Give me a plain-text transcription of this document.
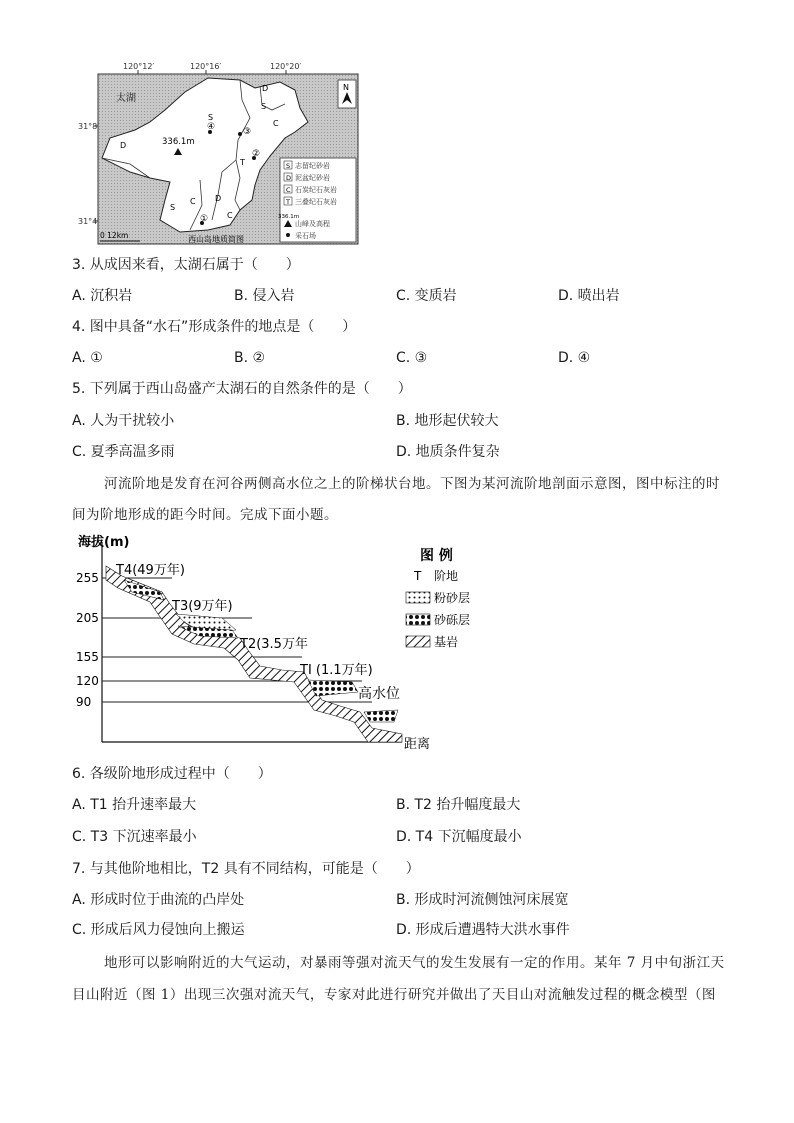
120°12′	120°16′	120°20′
31°8′
31°4′
太湖
S
D
S
C
D
T
C D
S
C
336.1m
④	③
②
①
N
S 志留纪砂岩
D 泥盆纪砂岩
C 石炭纪石灰岩
T 三叠纪石灰岩
336.1m
山峰及高程
采石场
0 12km	西山岛地质简图
3. 从成因来看，太湖石属于（　　）
A. 沉积岩	B. 侵入岩	C. 变质岩	D. 喷出岩
4. 图中具备“水石”形成条件的地点是（　　）
A. ①	B. ②	C. ③	D. ④
5. 下列属于西山岛盛产太湖石的自然条件的是（　　）
A. 人为干扰较小	B. 地形起伏较大
C. 夏季高温多雨	D. 地质条件复杂
河流阶地是发育在河谷两侧高水位之上的阶梯状台地。下图为某河流阶地剖面示意图，图中标注的时
间为阶地形成的距今时间。完成下面小题。
海拔(m)
距离
255
205
155
120
90
T4(49万年)
T3(9万年)
T2(3.5万年
TI (1.1万年)
高水位
图 例
T 阶地
粉砂层
砂砾层
基岩
6. 各级阶地形成过程中（　　）
A. T1 抬升速率最大	B. T2 抬升幅度最大
C. T3 下沉速率最小	D. T4 下沉幅度最小
7. 与其他阶地相比，T2 具有不同结构，可能是（　　）
A. 形成时位于曲流的凸岸处	B. 形成时河流侧蚀河床展宽
C. 形成后风力侵蚀向上搬运	D. 形成后遭遇特大洪水事件
地形可以影响附近的大气运动，对暴雨等强对流天气的发生发展有一定的作用。某年 7 月中旬浙江天
目山附近（图 1）出现三次强对流天气，专家对此进行研究并做出了天目山对流触发过程的概念模型（图
